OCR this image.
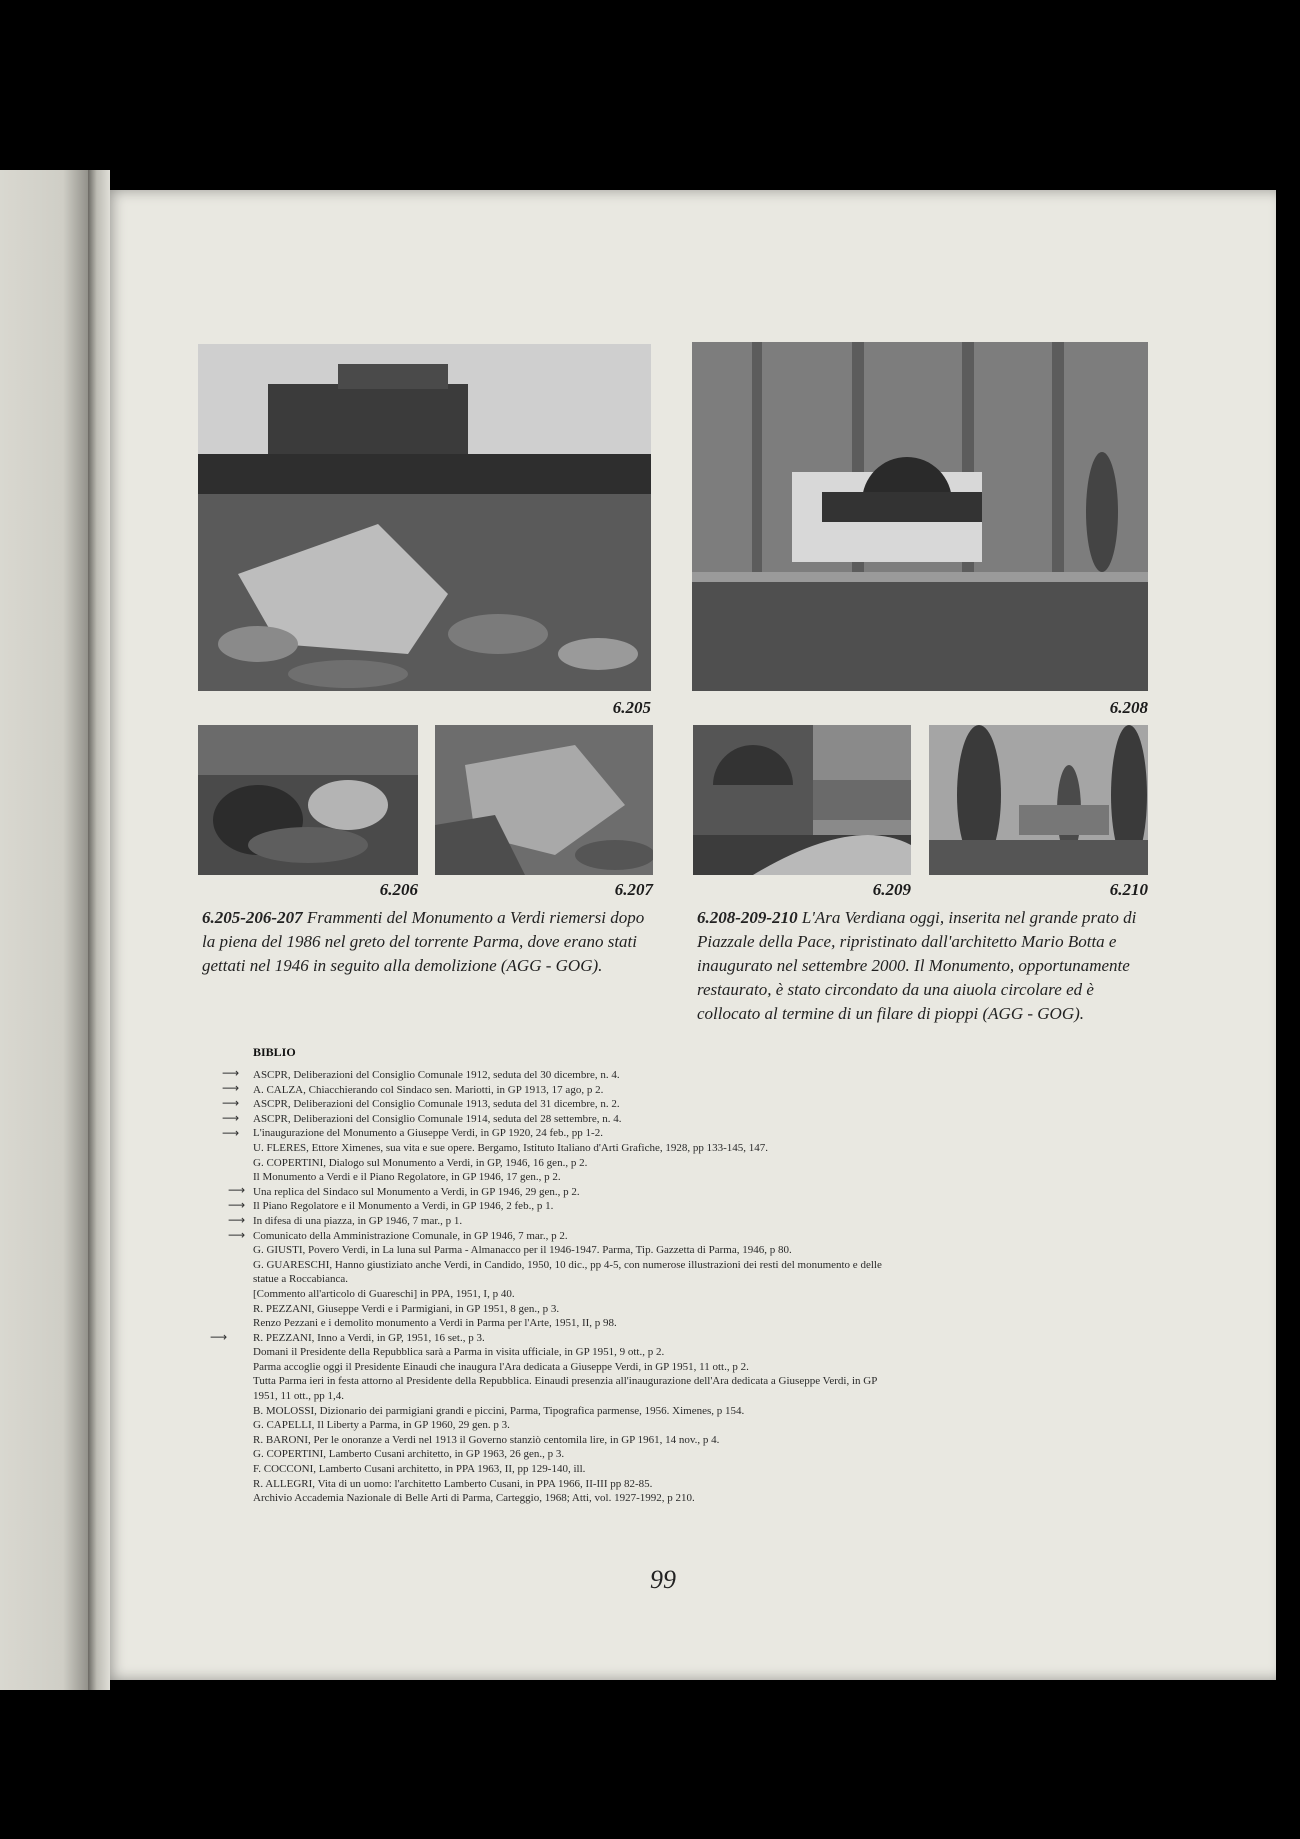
6.205	6.208
6.206	6.207	6.209	6.210
6.205-206-207 Frammenti del Monumento a Verdi riemersi dopo la piena del 1986 nel greto del torrente Parma, dove erano stati gettati nel 1946 in seguito alla demolizione (AGG - GOG).
6.208-209-210 L'Ara Verdiana oggi, inserita nel grande prato di Piazzale della Pace, ripristinato dall'architetto Mario Botta e inaugurato nel settembre 2000. Il Monumento, opportunamente restaurato, è stato circondato da una aiuola circolare ed è collocato al termine di un filare di pioppi (AGG - GOG).
BIBLIO
ASCPR, Deliberazioni del Consiglio Comunale 1912, seduta del 30 dicembre, n. 4.
A. CALZA, Chiacchierando col Sindaco sen. Mariotti, in GP 1913, 17 ago, p 2.
ASCPR, Deliberazioni del Consiglio Comunale 1913, seduta del 31 dicembre, n. 2.
ASCPR, Deliberazioni del Consiglio Comunale 1914, seduta del 28 settembre, n. 4.
L'inaugurazione del Monumento a Giuseppe Verdi, in GP 1920, 24 feb., pp 1-2.
U. FLERES, Ettore Ximenes, sua vita e sue opere. Bergamo, Istituto Italiano d'Arti Grafiche, 1928, pp 133-145, 147.
G. COPERTINI, Dialogo sul Monumento a Verdi, in GP, 1946, 16 gen., p 2.
Il Monumento a Verdi e il Piano Regolatore, in GP 1946, 17 gen., p 2.
Una replica del Sindaco sul Monumento a Verdi, in GP 1946, 29 gen., p 2.
Il Piano Regolatore e il Monumento a Verdi, in GP 1946, 2 feb., p 1.
In difesa di una piazza, in GP 1946, 7 mar., p 1.
Comunicato della Amministrazione Comunale, in GP 1946, 7 mar., p 2.
G. GIUSTI, Povero Verdi, in La luna sul Parma - Almanacco per il 1946-1947. Parma, Tip. Gazzetta di Parma, 1946, p 80.
G. GUARESCHI, Hanno giustiziato anche Verdi, in Candido, 1950, 10 dic., pp 4-5, con numerose illustrazioni dei resti del monumento e delle
statue a Roccabianca.
[Commento all'articolo di Guareschi] in PPA, 1951, I, p 40.
R. PEZZANI, Giuseppe Verdi e i Parmigiani, in GP 1951, 8 gen., p 3.
Renzo Pezzani e i demolito monumento a Verdi in Parma per l'Arte, 1951, II, p 98.
R. PEZZANI, Inno a Verdi, in GP, 1951, 16 set., p 3.
Domani il Presidente della Repubblica sarà a Parma in visita ufficiale, in GP 1951, 9 ott., p 2.
Parma accoglie oggi il Presidente Einaudi che inaugura l'Ara dedicata a Giuseppe Verdi, in GP 1951, 11 ott., p 2.
Tutta Parma ieri in festa attorno al Presidente della Repubblica. Einaudi presenzia all'inaugurazione dell'Ara dedicata a Giuseppe Verdi, in GP
1951, 11 ott., pp 1,4.
B. MOLOSSI, Dizionario dei parmigiani grandi e piccini, Parma, Tipografica parmense, 1956. Ximenes, p 154.
G. CAPELLI, Il Liberty a Parma, in GP 1960, 29 gen. p 3.
R. BARONI, Per le onoranze a Verdi nel 1913 il Governo stanziò centomila lire, in GP 1961, 14 nov., p 4.
G. COPERTINI, Lamberto Cusani architetto, in GP 1963, 26 gen., p 3.
F. COCCONI, Lamberto Cusani architetto, in PPA 1963, II, pp 129-140, ill.
R. ALLEGRI, Vita di un uomo: l'architetto Lamberto Cusani, in PPA 1966, II-III pp 82-85.
Archivio Accademia Nazionale di Belle Arti di Parma, Carteggio, 1968; Atti, vol. 1927-1992, p 210.
⟶
⟶
⟶
⟶
⟶
⟶
⟶
⟶
⟶
⟶
99
